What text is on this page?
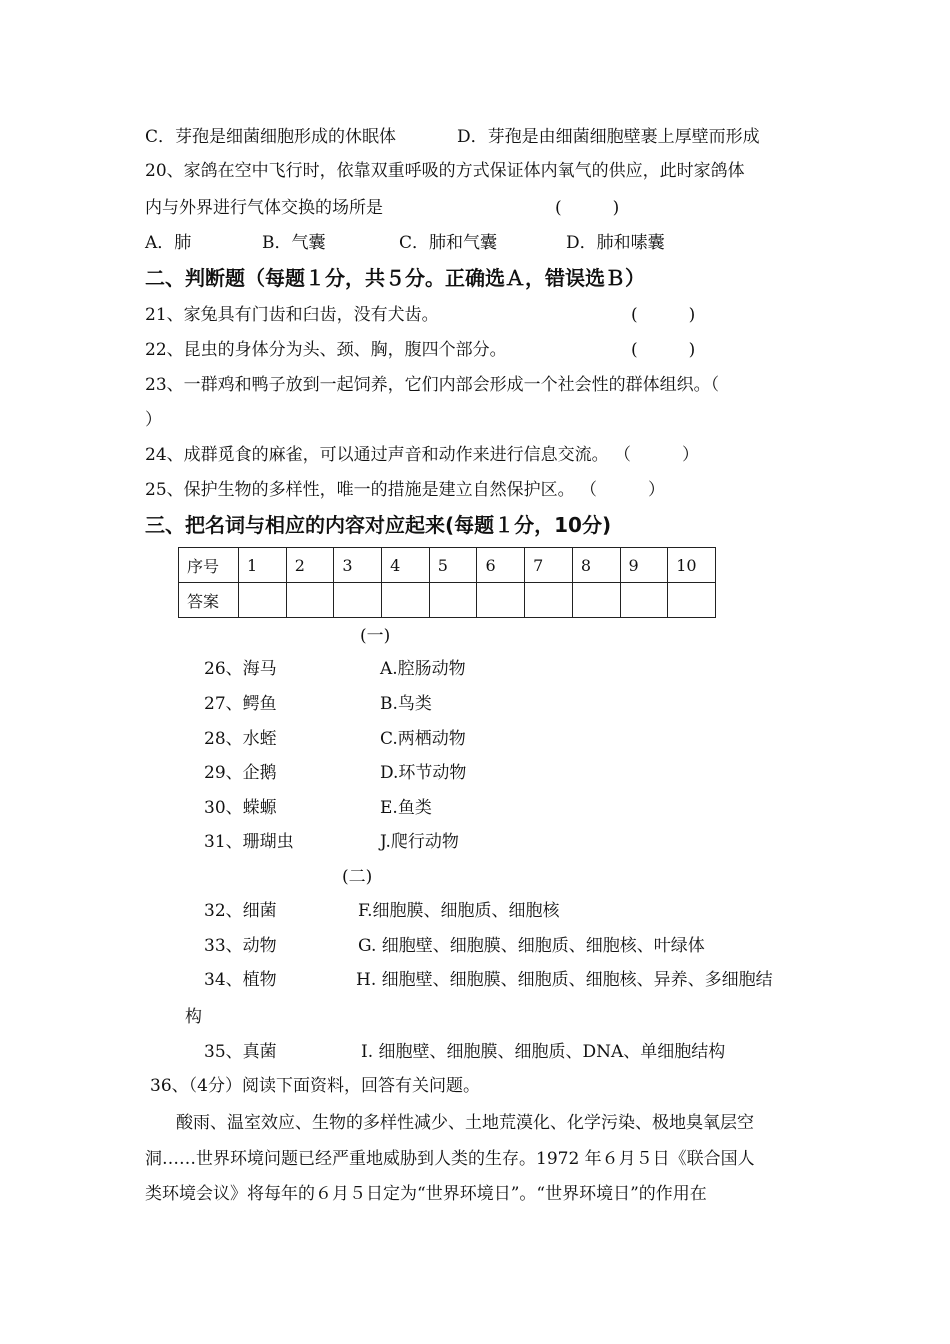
C．芽孢是细菌细胞形成的休眠体	D．芽孢是由细菌细胞壁裹上厚壁而形成
20、家鸽在空中飞行时，依靠双重呼吸的方式保证体内氧气的供应，此时家鸽体
内与外界进行气体交换的场所是	(　　　)
A．肺	B．气囊	C．肺和气囊	D．肺和嗉囊
二、判断题（每题１分，共５分。正确选Ａ，错误选Ｂ）
21、家兔具有门齿和臼齿，没有犬齿。	(　　　)
22、昆虫的身体分为头、颈、胸，腹四个部分。	(　　　)
23、一群鸡和鸭子放到一起饲养，它们内部会形成一个社会性的群体组织。（
）
24、成群觅食的麻雀，可以通过声音和动作来进行信息交流。 （　　　）
25、保护生物的多样性，唯一的措施是建立自然保护区。 （　　　）
三、把名词与相应的内容对应起来(每题１分，10分)
序号	1	2	3	4	5	6	7	8	9	10
答案										
(一)
26、海马	A.腔肠动物
27、鳄鱼	B.鸟类
28、水蛭	C.两栖动物
29、企鹅	D.环节动物
30、蝾螈	E.鱼类
31、珊瑚虫	J.爬行动物
(二)
32、细菌	F.细胞膜、细胞质、细胞核
33、动物	G. 细胞壁、细胞膜、细胞质、细胞核、叶绿体
34、植物	H. 细胞壁、细胞膜、细胞质、细胞核、异养、多细胞结
构
35、真菌	I. 细胞壁、细胞膜、细胞质、DNA、单细胞结构
36、（4分）阅读下面资料，回答有关问题。
酸雨、温室效应、生物的多样性减少、土地荒漠化、化学污染、极地臭氧层空
洞……世界环境问题已经严重地威胁到人类的生存。1972 年６月５日《联合国人
类环境会议》将每年的６月５日定为“世界环境日”。“世界环境日”的作用在
